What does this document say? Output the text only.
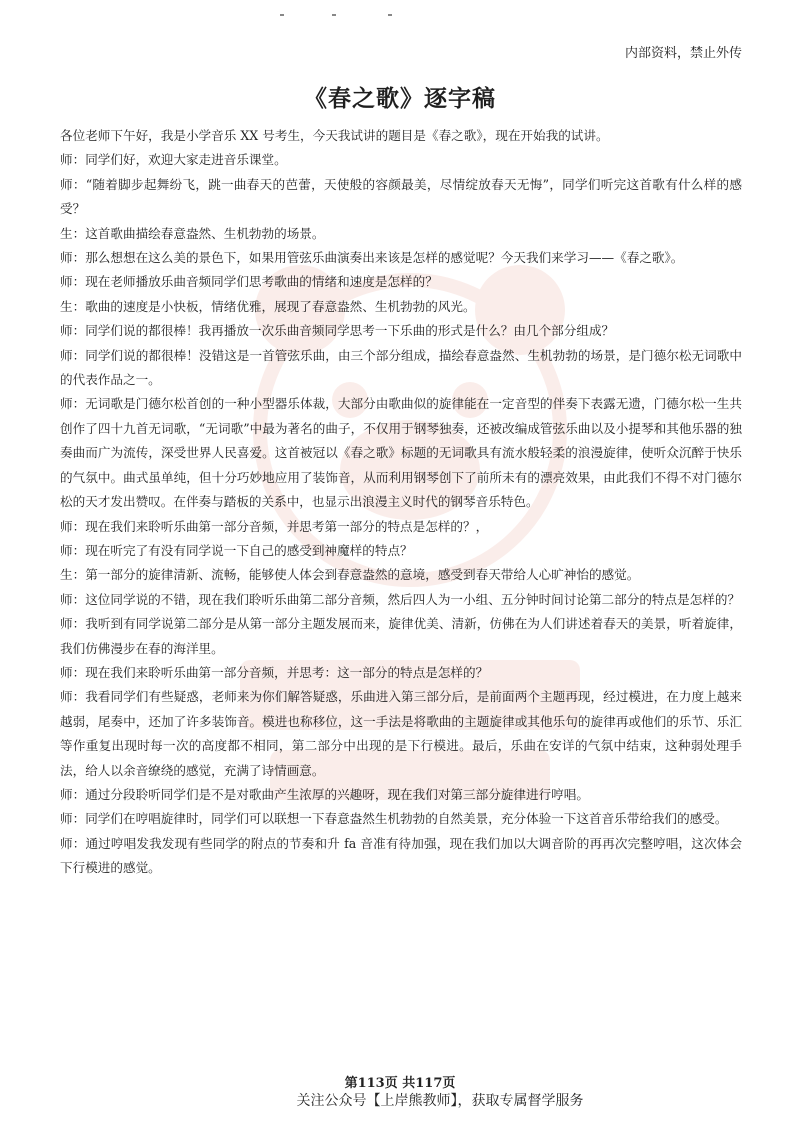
内部资料，禁止外传
《春之歌》逐字稿

各位老师下午好，我是小学音乐 XX 号考生，今天我试讲的题目是《春之歌》，现在开始我的试讲。

师：同学们好，欢迎大家走进音乐课堂。

师：“随着脚步起舞纷飞，跳一曲春天的芭蕾，天使般的容颜最美，尽情绽放春天无悔”，同学们听完这首歌有什么样的感受？

生：这首歌曲描绘春意盎然、生机勃勃的场景。

师：那么想想在这么美的景色下，如果用管弦乐曲演奏出来该是怎样的感觉呢？今天我们来学习——《春之歌》。

师：现在老师播放乐曲音频同学们思考歌曲的情绪和速度是怎样的？

生：歌曲的速度是小快板，情绪优雅，展现了春意盎然、生机勃勃的风光。

师：同学们说的都很棒！我再播放一次乐曲音频同学思考一下乐曲的形式是什么？由几个部分组成？

师：同学们说的都很棒！没错这是一首管弦乐曲，由三个部分组成，描绘春意盎然、生机勃勃的场景，是门德尔松无词歌中的代表作品之一。

师：无词歌是门德尔松首创的一种小型器乐体裁，大部分由歌曲似的旋律能在一定音型的伴奏下表露无遗，门德尔松一生共创作了四十九首无词歌，“无词歌”中最为著名的曲子，不仅用于钢琴独奏，还被改编成管弦乐曲以及小提琴和其他乐器的独奏曲而广为流传，深受世界人民喜爱。这首被冠以《春之歌》标题的无词歌具有流水般轻柔的浪漫旋律，使听众沉醉于快乐的气氛中。曲式虽单纯，但十分巧妙地应用了装饰音，从而利用钢琴创下了前所未有的漂亮效果，由此我们不得不对门德尔松的天才发出赞叹。在伴奏与踏板的关系中，也显示出浪漫主义时代的钢琴音乐特色。

师：现在我们来聆听乐曲第一部分音频，并思考第一部分的特点是怎样的？，

师：现在听完了有没有同学说一下自己的感受到神魔样的特点？

生：第一部分的旋律清新、流畅，能够使人体会到春意盎然的意境，感受到春天带给人心旷神怡的感觉。

师：这位同学说的不错，现在我们聆听乐曲第二部分音频，然后四人为一小组、五分钟时间讨论第二部分的特点是怎样的？

师：我听到有同学说第二部分是从第一部分主题发展而来，旋律优美、清新，仿佛在为人们讲述着春天的美景，听着旋律，我们仿佛漫步在春的海洋里。

师：现在我们来聆听乐曲第一部分音频，并思考：这一部分的特点是怎样的？

师：我看同学们有些疑惑，老师来为你们解答疑惑，乐曲进入第三部分后，是前面两个主题再现，经过模进，在力度上越来越弱，尾奏中，还加了许多装饰音。模进也称移位，这一手法是将歌曲的主题旋律或其他乐句的旋律再或他们的乐节、乐汇等作重复出现时每一次的高度都不相同，第二部分中出现的是下行模进。最后，乐曲在安详的气氛中结束，这种弱处理手法，给人以余音缭绕的感觉，充满了诗情画意。

师：通过分段聆听同学们是不是对歌曲产生浓厚的兴趣呀，现在我们对第三部分旋律进行哼唱。

师：同学们在哼唱旋律时，同学们可以联想一下春意盎然生机勃勃的自然美景，充分体验一下这首音乐带给我们的感受。

师：通过哼唱发我发现有些同学的附点的节奏和升 fa 音准有待加强，现在我们加以大调音阶的再再次完整哼唱，这次体会下行模进的感觉。

第113页 共117页
关注公众号【上岸熊教师】，获取专属督学服务
